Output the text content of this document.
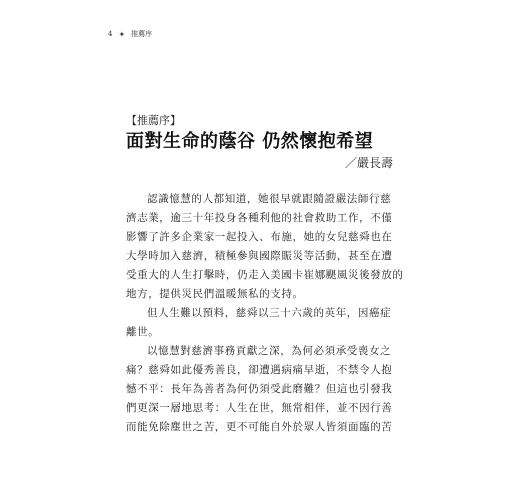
4 ✦ 推薦序
【推薦序】
面對生命的蔭谷 仍然懷抱希望
／嚴長壽

認識憶慧的人都知道，她很早就跟隨證嚴法師行慈
濟志業，逾三十年投身各種利他的社會救助工作，不僅
影響了許多企業家一起投入、布施，她的女兒慈舜也在
大學時加入慈濟，積極參與國際賑災等活動，甚至在遭
受重大的人生打擊時，仍走入美國卡崔娜颶風災後發放的
地方，提供災民們溫暖無私的支持。

但人生難以預料，慈舜以三十六歲的英年，因癌症
離世。

以憶慧對慈濟事務貢獻之深，為何必須承受喪女之
痛？慈舜如此優秀善良，卻遭遇病痛早逝，不禁令人抱
憾不平：長年為善者為何仍須受此磨難？但這也引發我
們更深一層地思考：人生在世，無常相伴，並不因行善
而能免除塵世之苦，更不可能自外於眾人皆須面臨的苦
